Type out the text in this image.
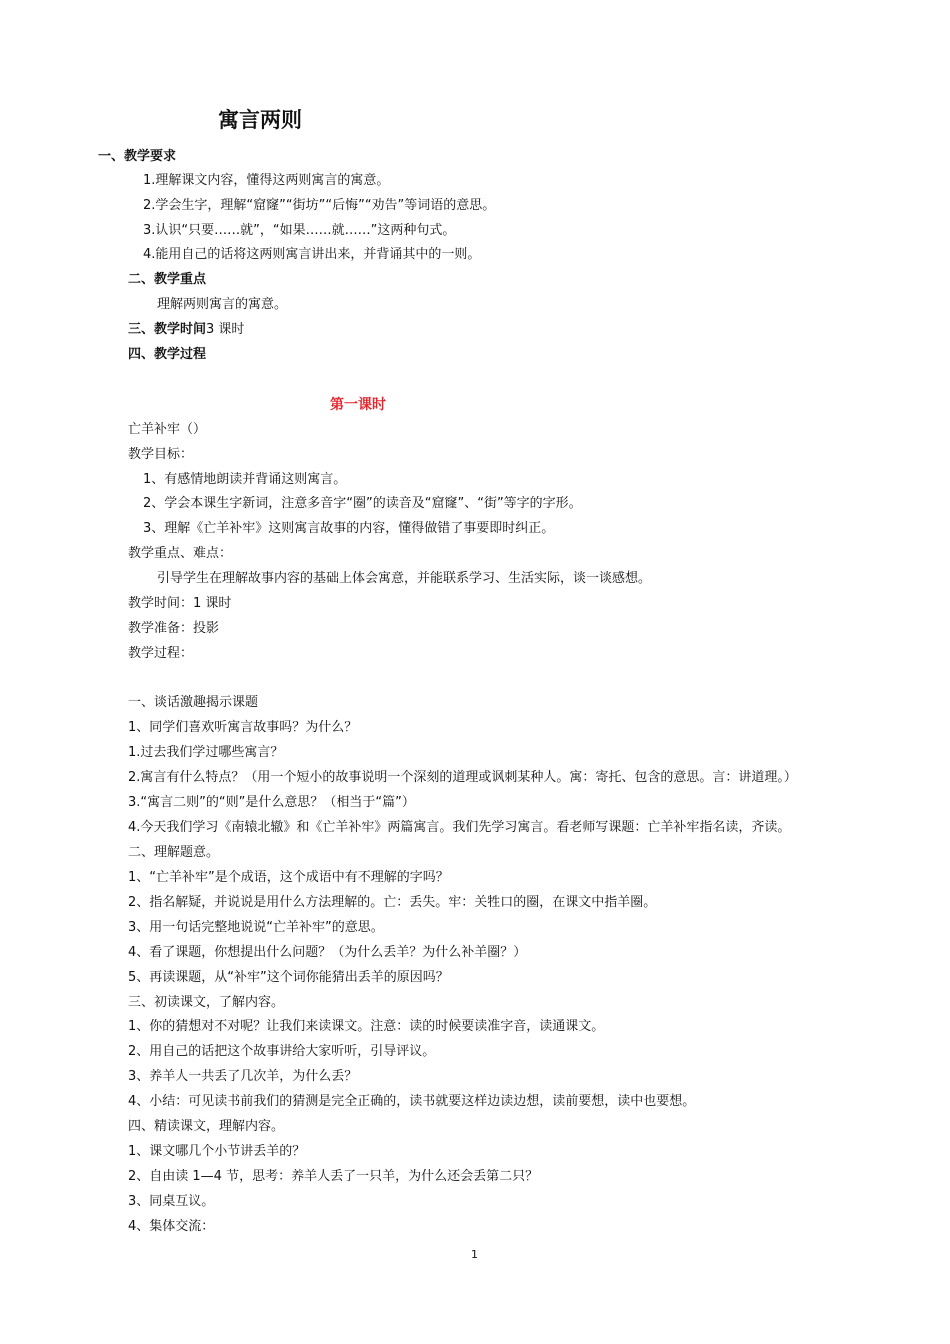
寓言两则
一、教学要求
1.理解课文内容，懂得这两则寓言的寓意。
2.学会生字，理解“窟窿”“街坊”“后悔”“劝告”等词语的意思。
3.认识“只要……就”，“如果……就……”这两种句式。
4.能用自己的话将这两则寓言讲出来，并背诵其中的一则。
二、教学重点
理解两则寓言的寓意。
三、教学时间3 课时
四、教学过程
第一课时
亡羊补牢（）
教学目标：
1、有感情地朗读并背诵这则寓言。
2、学会本课生字新词，注意多音字“圈”的读音及“窟窿”、“街”等字的字形。
3、理解《亡羊补牢》这则寓言故事的内容，懂得做错了事要即时纠正。
教学重点、难点：
引导学生在理解故事内容的基础上体会寓意，并能联系学习、生活实际，谈一谈感想。
教学时间：1 课时
教学准备：投影
教学过程：
一、谈话激趣揭示课题
1、同学们喜欢听寓言故事吗？为什么？
1.过去我们学过哪些寓言？
2.寓言有什么特点？（用一个短小的故事说明一个深刻的道理或讽刺某种人。寓：寄托、包含的意思。言：讲道理。）
3.“寓言二则”的“则”是什么意思？（相当于“篇”）
4.今天我们学习《南辕北辙》和《亡羊补牢》两篇寓言。我们先学习寓言。看老师写课题：亡羊补牢指名读，齐读。
二、理解题意。
1、“亡羊补牢”是个成语，这个成语中有不理解的字吗？
2、指名解疑，并说说是用什么方法理解的。亡：丢失。牢：关牲口的圈，在课文中指羊圈。
3、用一句话完整地说说“亡羊补牢”的意思。
4、看了课题，你想提出什么问题？（为什么丢羊？为什么补羊圈？）
5、再读课题，从“补牢”这个词你能猜出丢羊的原因吗？
三、初读课文，了解内容。
1、你的猜想对不对呢？让我们来读课文。注意：读的时候要读准字音，读通课文。
2、用自己的话把这个故事讲给大家听听，引导评议。
3、养羊人一共丢了几次羊，为什么丢？
4、小结：可见读书前我们的猜测是完全正确的，读书就要这样边读边想，读前要想，读中也要想。
四、精读课文，理解内容。
1、课文哪几个小节讲丢羊的？
2、自由读 1—4 节，思考：养羊人丢了一只羊，为什么还会丢第二只？
3、同桌互议。
4、集体交流：
1
